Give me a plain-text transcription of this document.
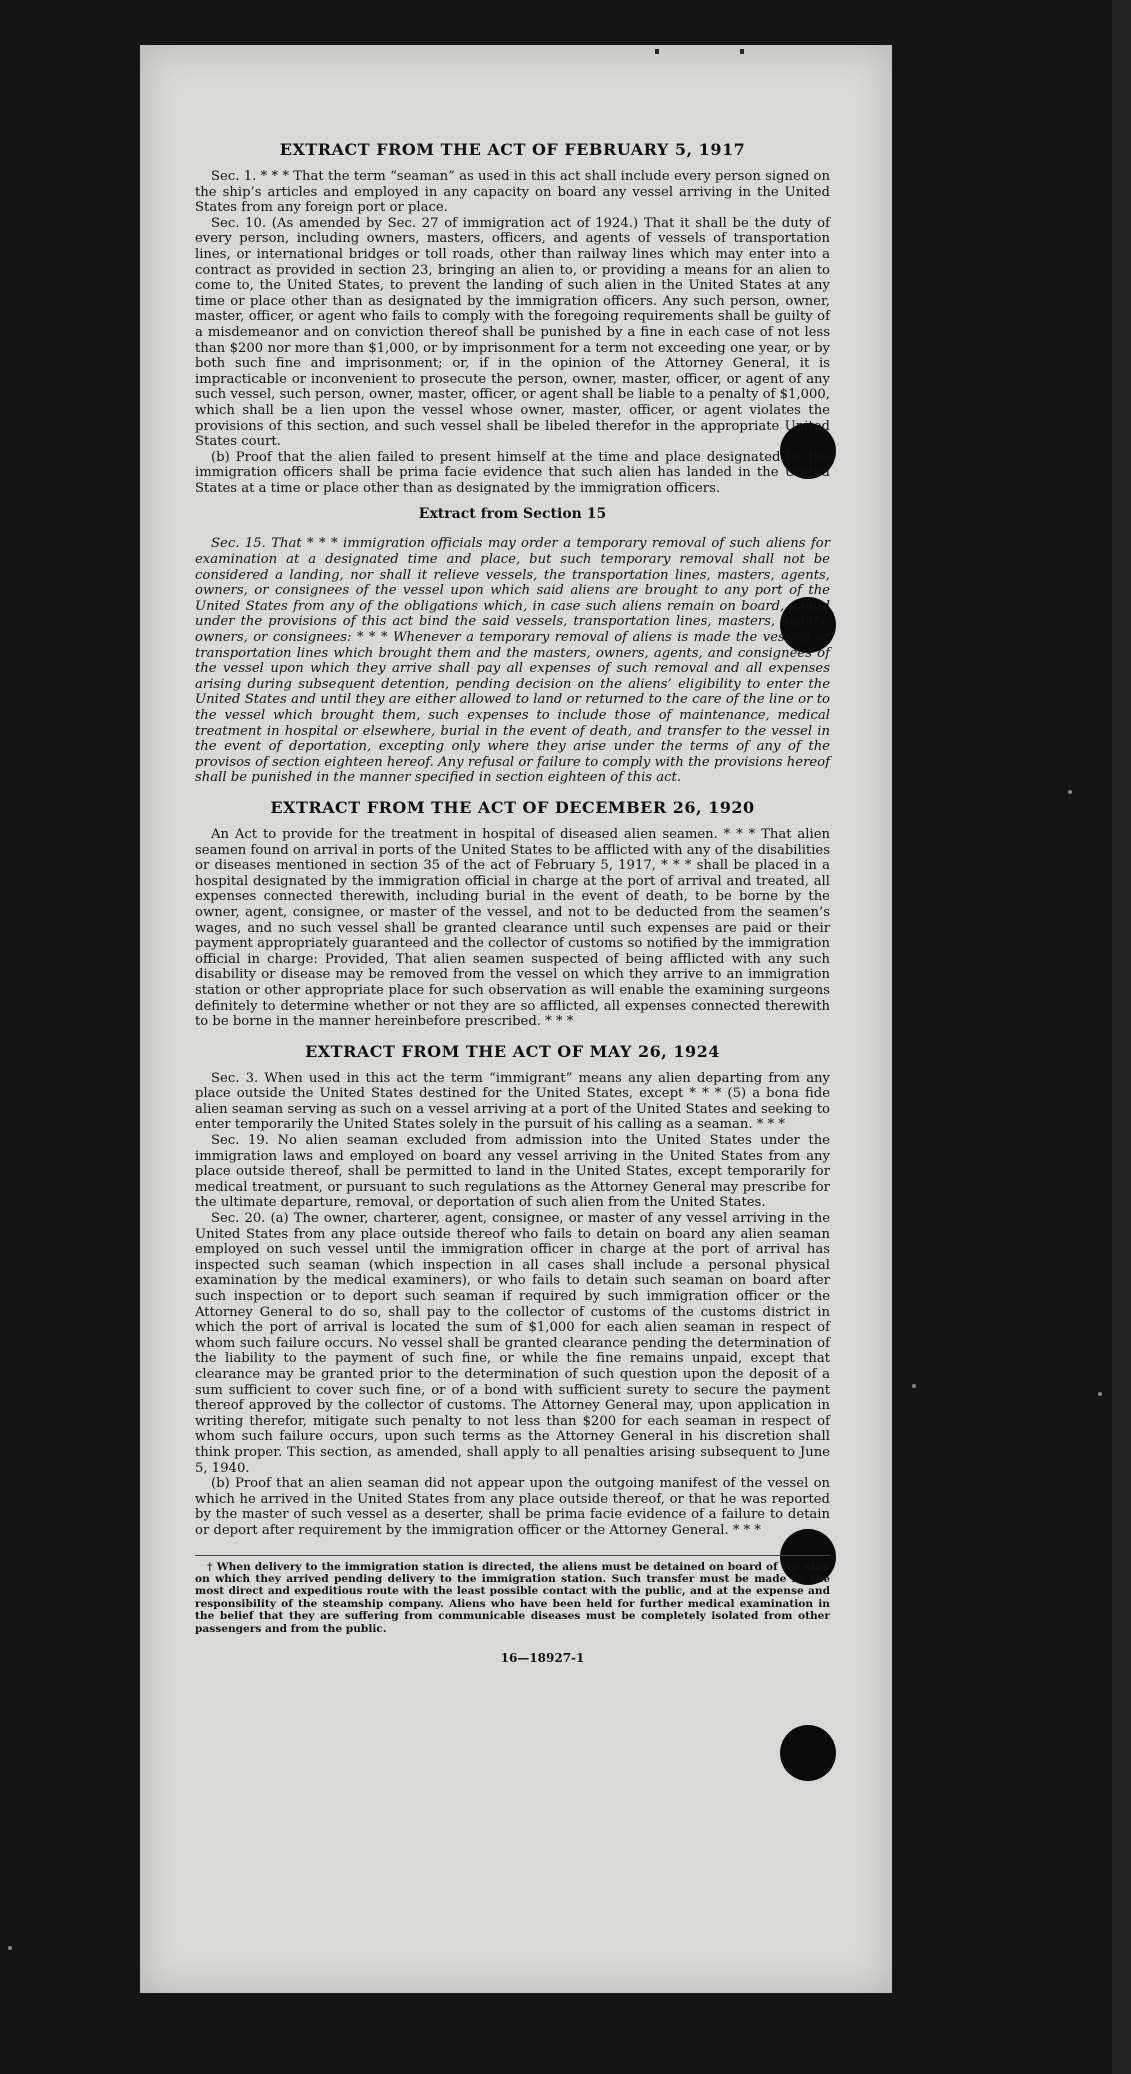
EXTRACT FROM THE ACT OF FEBRUARY 5, 1917

Sec. 1. * * * That the term “seaman” as used in this act shall include every person signed on the ship’s articles and employed in any capacity on board any vessel arriving in the United States from any foreign port or place.

Sec. 10. (As amended by Sec. 27 of immigration act of 1924.) That it shall be the duty of every person, including owners, masters, officers, and agents of vessels of transportation lines, or international bridges or toll roads, other than railway lines which may enter into a contract as provided in section 23, bringing an alien to, or providing a means for an alien to come to, the United States, to prevent the landing of such alien in the United States at any time or place other than as designated by the immigration officers. Any such person, owner, master, officer, or agent who fails to comply with the foregoing requirements shall be guilty of a misdemeanor and on conviction thereof shall be punished by a fine in each case of not less than $200 nor more than $1,000, or by imprisonment for a term not exceeding one year, or by both such fine and imprisonment; or, if in the opinion of the Attorney General, it is impracticable or inconvenient to prosecute the person, owner, master, officer, or agent of any such vessel, such person, owner, master, officer, or agent shall be liable to a penalty of $1,000, which shall be a lien upon the vessel whose owner, master, officer, or agent violates the provisions of this section, and such vessel shall be libeled therefor in the appropriate United States court.

(b) Proof that the alien failed to present himself at the time and place designated by the immigration officers shall be prima facie evidence that such alien has landed in the United States at a time or place other than as designated by the immigration officers.

Extract from Section 15

Sec. 15. That * * * immigration officials may order a temporary removal of such aliens for examination at a designated time and place, but such temporary removal shall not be considered a landing, nor shall it relieve vessels, the transportation lines, masters, agents, owners, or consignees of the vessel upon which said aliens are brought to any port of the United States from any of the obligations which, in case such aliens remain on board, would under the provisions of this act bind the said vessels, transportation lines, masters, agents, owners, or consignees: * * * Whenever a temporary removal of aliens is made the vessels or transportation lines which brought them and the masters, owners, agents, and consignees of the vessel upon which they arrive shall pay all expenses of such removal and all expenses arising during subsequent detention, pending decision on the aliens’ eligibility to enter the United States and until they are either allowed to land or returned to the care of the line or to the vessel which brought them, such expenses to include those of maintenance, medical treatment in hospital or elsewhere, burial in the event of death, and transfer to the vessel in the event of deportation, excepting only where they arise under the terms of any of the provisos of section eighteen hereof. Any refusal or failure to comply with the provisions hereof shall be punished in the manner specified in section eighteen of this act.

EXTRACT FROM THE ACT OF DECEMBER 26, 1920

An Act to provide for the treatment in hospital of diseased alien seamen. * * * That alien seamen found on arrival in ports of the United States to be afflicted with any of the disabilities or diseases mentioned in section 35 of the act of February 5, 1917, * * * shall be placed in a hospital designated by the immigration official in charge at the port of arrival and treated, all expenses connected therewith, including burial in the event of death, to be borne by the owner, agent, consignee, or master of the vessel, and not to be deducted from the seamen’s wages, and no such vessel shall be granted clearance until such expenses are paid or their payment appropriately guaranteed and the collector of customs so notified by the immigration official in charge: Provided, That alien seamen suspected of being afflicted with any such disability or disease may be removed from the vessel on which they arrive to an immigration station or other appropriate place for such observation as will enable the examining surgeons definitely to determine whether or not they are so afflicted, all expenses connected therewith to be borne in the manner hereinbefore prescribed. * * *

EXTRACT FROM THE ACT OF MAY 26, 1924

Sec. 3. When used in this act the term “immigrant” means any alien departing from any place outside the United States destined for the United States, except * * * (5) a bona fide alien seaman serving as such on a vessel arriving at a port of the United States and seeking to enter temporarily the United States solely in the pursuit of his calling as a seaman. * * *

Sec. 19. No alien seaman excluded from admission into the United States under the immigration laws and employed on board any vessel arriving in the United States from any place outside thereof, shall be permitted to land in the United States, except temporarily for medical treatment, or pursuant to such regulations as the Attorney General may prescribe for the ultimate departure, removal, or deportation of such alien from the United States.

Sec. 20. (a) The owner, charterer, agent, consignee, or master of any vessel arriving in the United States from any place outside thereof who fails to detain on board any alien seaman employed on such vessel until the immigration officer in charge at the port of arrival has inspected such seaman (which inspection in all cases shall include a personal physical examination by the medical examiners), or who fails to detain such seaman on board after such inspection or to deport such seaman if required by such immigration officer or the Attorney General to do so, shall pay to the collector of customs of the customs district in which the port of arrival is located the sum of $1,000 for each alien seaman in respect of whom such failure occurs. No vessel shall be granted clearance pending the determination of the liability to the payment of such fine, or while the fine remains unpaid, except that clearance may be granted prior to the determination of such question upon the deposit of a sum sufficient to cover such fine, or of a bond with sufficient surety to secure the payment thereof approved by the collector of customs. The Attorney General may, upon application in writing therefor, mitigate such penalty to not less than $200 for each seaman in respect of whom such failure occurs, upon such terms as the Attorney General in his discretion shall think proper. This section, as amended, shall apply to all penalties arising subsequent to June 5, 1940.

(b) Proof that an alien seaman did not appear upon the outgoing manifest of the vessel on which he arrived in the United States from any place outside thereof, or that he was reported by the master of such vessel as a deserter, shall be prima facie evidence of a failure to detain or deport after requirement by the immigration officer or the Attorney General. * * *

† When delivery to the immigration station is directed, the aliens must be detained on board of the ship on which they arrived pending delivery to the immigration station. Such transfer must be made by the most direct and expeditious route with the least possible contact with the public, and at the expense and responsibility of the steamship company. Aliens who have been held for further medical examination in the belief that they are suffering from communicable diseases must be completely isolated from other passengers and from the public.

16—18927-1
